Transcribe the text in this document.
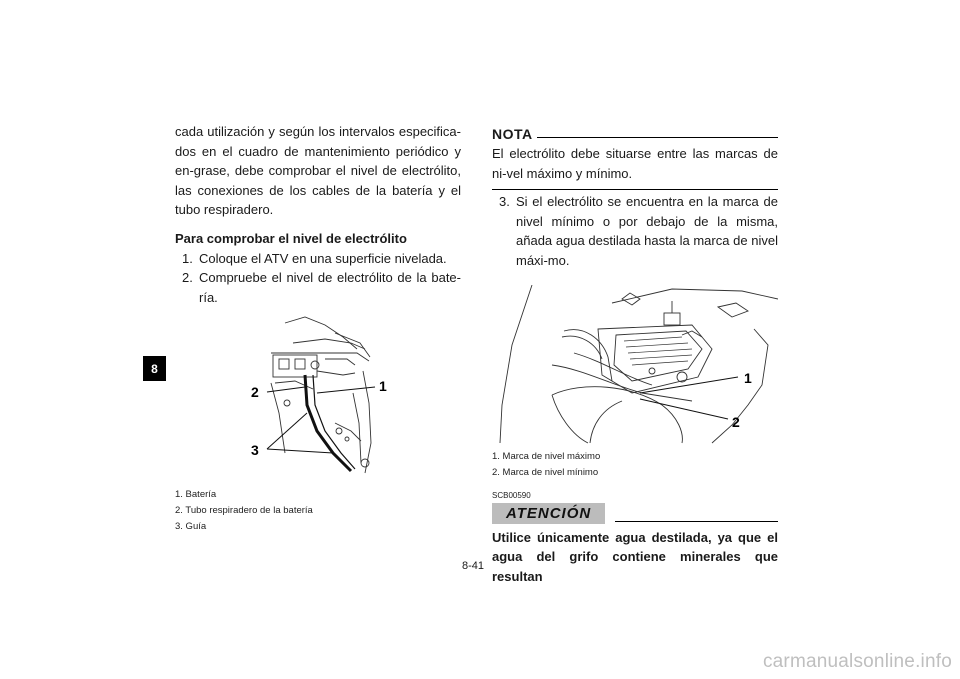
8

cada utilización y según los intervalos especifica-dos en el cuadro de mantenimiento periódico y en-grase, debe comprobar el nivel de electrólito, las conexiones de los cables de la batería y el tubo respiradero.

Para comprobar el nivel de electrólito
1. Coloque el ATV en una superficie nivelada.
2. Compruebe el nivel de electrólito de la bate-ría.
2	1
3
1. Batería
2. Tubo respiradero de la batería
3. Guía
NOTA

El electrólito debe situarse entre las marcas de ni-vel máximo y mínimo.

3. Si el electrólito se encuentra en la marca de nivel mínimo o por debajo de la misma, añada agua destilada hasta la marca de nivel máxi-mo.
1
2
1. Marca de nivel máximo
2. Marca de nivel mínimo
SCB00590
ATENCIÓN
Utilice únicamente agua destilada, ya que el agua del grifo contiene minerales que resultan
8-41
carmanualsonline.info
